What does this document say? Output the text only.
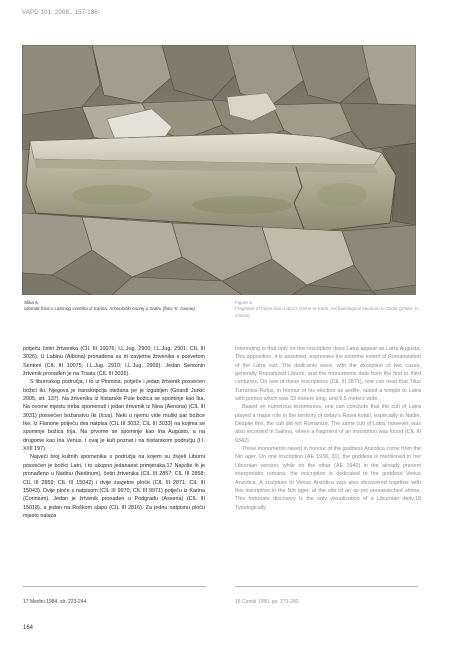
VAPD 101, 2008., 157-186
Slika 5.
Ulomak friza s Latrinog svetišta iz Karina, Arheološki muzej u Zadru (foto: K. Giunio)
Figure 5.
Fragment of frieze from Latra's shrine in Karin, Archaeological Museum in Zadar (photo: K. Giunio)

potječu četiri žrtvenika (CIL III 10076; I.L.Jug. 2900; I.L.Jug. 2901; CIL III 3026). U Labinu (Albona) pronađena su tri zavjetna žrtvenika s posvetom Sentoni (CIL III 10075; I.L.Jug. 2910; I.L.Jug. 2909). Jedan Sentonin žrtvenik pronađen je na Trsatu (CIL III 3026).

S liburnskog područja, i to iz Plomina, potječe i jedan žrtvenik posvećen božici Iki. Njegova je transkripcija otežana jer je izgubljen (Girardi Jurkić 2005, str. 137). Na žrtveniku iz histarske Pule božica se spominje kao Ika. Na ovome mjestu treba spomenuti i jedan žrtvenik iz Nina (Aenona) (CIL III 3031) posvećen božanstvu Iki (Icus). Neki u njemu vide muški par božice Ike. Iz Flanone potječu dva natpisa (CIL III 3032; CIL III 3033) na kojima se spominje božica Irija. Na prvome se spominje kao Iria Augusto, a na drugome kao Iria Venus. I ovaj je kult poznat i na histarskom području (I.I. X/III 197).

Najveći broj kultnih spomenika s područja na kojem su živjeli Liburni posvećen je božici Latri, i to ukupno jedanaest primjeraka.17 Najviše ih je pronađeno u Nadinu (Nedinum), četiri žrtvenika (CIL III 2857; CIL III 2858; CIL III 2859; CIL III 15042) i dvije zavjetne ploče (CIL III 2871; CIL III 15043). Dvije ploče s natpisom (CIL III 9970; CIL III 9971) potječu iz Karina (Corinium). Jedan je žrtvenik pronađen u Podgrađu (Asseria) (CIL III 15018), a jedan na Roškom slapu (CIL III 2816). Za jednu natpisnu ploču mjesto nalaza

Interesting is that only on this inscription does Latra appear as Latra Augusta. This apposition, it is assumed, expresses the extreme extent of Romanization of the Latra cult. The dedicants were, with the exception of two cases, generally Romanized Liburni, and the monuments date from the first to third centuries. On one of these inscriptions (CIL III 2871), one can read that Titus Turranius Rufus, in honour of his election as aedile, raised a temple to Latra with portico which was 33 meters long, and 6.5 meters wide.

Based on numerous testimonies, one can conclude that the cult of Latra played a major role in the territory of today's Ravni kotari, especially in Nadin. Despite this, the cult did not Romanize. The same cult of Latra, however, was also recorded in Salona, where a fragment of an inscription was found (CIL III 9342).

Three monuments raised in honour of the goddess Anzotica come from the Nin ager. On one inscription (AE 1938, 31), the goddess is mentioned in her Liburnian version, while on the other (AE 1940) in the already present interpretatio romana; the inscription is dedicated to the goddess Venus Anzotica. A sculpture to Venus Anzotica was also discovered together with this inscription in the Nin ager, at the site of an as-yet unresearched shrine. This fortunate discovery is the only visualization of a Liburnian deity.18 Typologically

17 Medini 1984, str. 223-244.	18 Cambi 1980, pp. 273-280.
164
